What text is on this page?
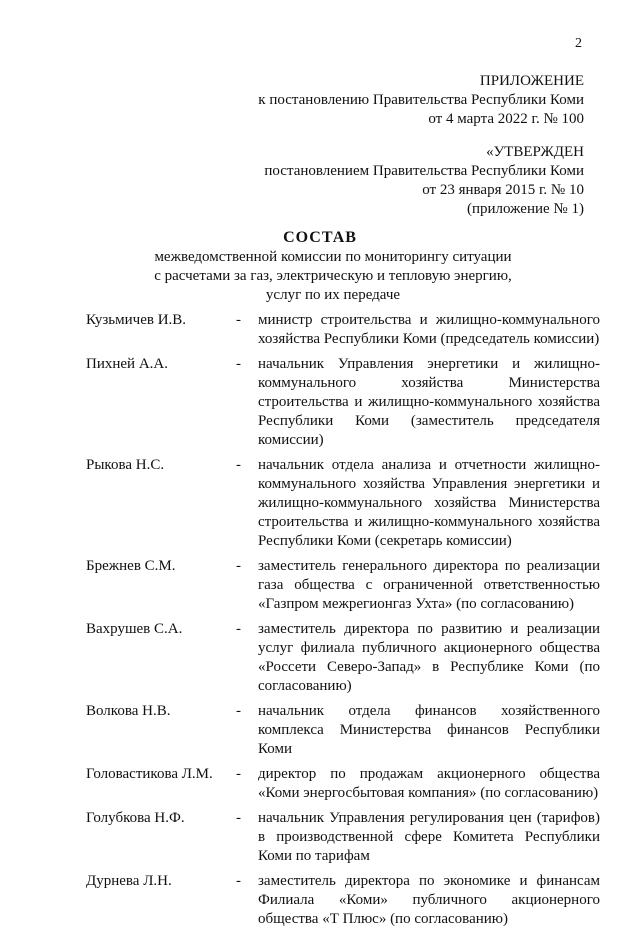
2
ПРИЛОЖЕНИЕ
к постановлению Правительства Республики Коми
от 4 марта 2022 г. № 100
«УТВЕРЖДЕН
постановлением Правительства Республики Коми
от 23 января 2015 г. № 10
(приложение № 1)
СОСТАВ
межведомственной комиссии по мониторингу ситуации
с расчетами за газ, электрическую и тепловую энергию,
услуг по их передаче
Кузьмичев И.В.	-	министр строительства и жилищно-коммунального хозяйства Республики Коми (председатель комиссии)
Пихней А.А.	-	начальник Управления энергетики и жилищно-коммунального хозяйства Министерства строительства и жилищно-коммунального хозяйства Республики Коми (заместитель председателя комиссии)
Рыкова Н.С.	-	начальник отдела анализа и отчетности жилищно-коммунального хозяйства Управления энергетики и жилищно-коммунального хозяйства Министерства строительства и жилищно-коммунального хозяйства Республики Коми (секретарь комиссии)
Брежнев С.М.	-	заместитель генерального директора по реализации газа общества с ограниченной ответственностью «Газпром межрегионгаз Ухта» (по согласованию)
Вахрушев С.А.	-	заместитель директора по развитию и реализации услуг филиала публичного акционерного общества «Россети Северо-Запад» в Республике Коми (по согласованию)
Волкова Н.В.	-	начальник отдела финансов хозяйственного комплекса Министерства финансов Республики Коми
Головастикова Л.М.	-	директор по продажам акционерного общества «Коми энергосбытовая компания» (по согласованию)
Голубкова Н.Ф.	-	начальник Управления регулирования цен (тарифов) в производственной сфере Комитета Республики Коми по тарифам
Дурнева Л.Н.	-	заместитель директора по экономике и финансам Филиала «Коми» публичного акционерного общества «Т Плюс» (по согласованию)
